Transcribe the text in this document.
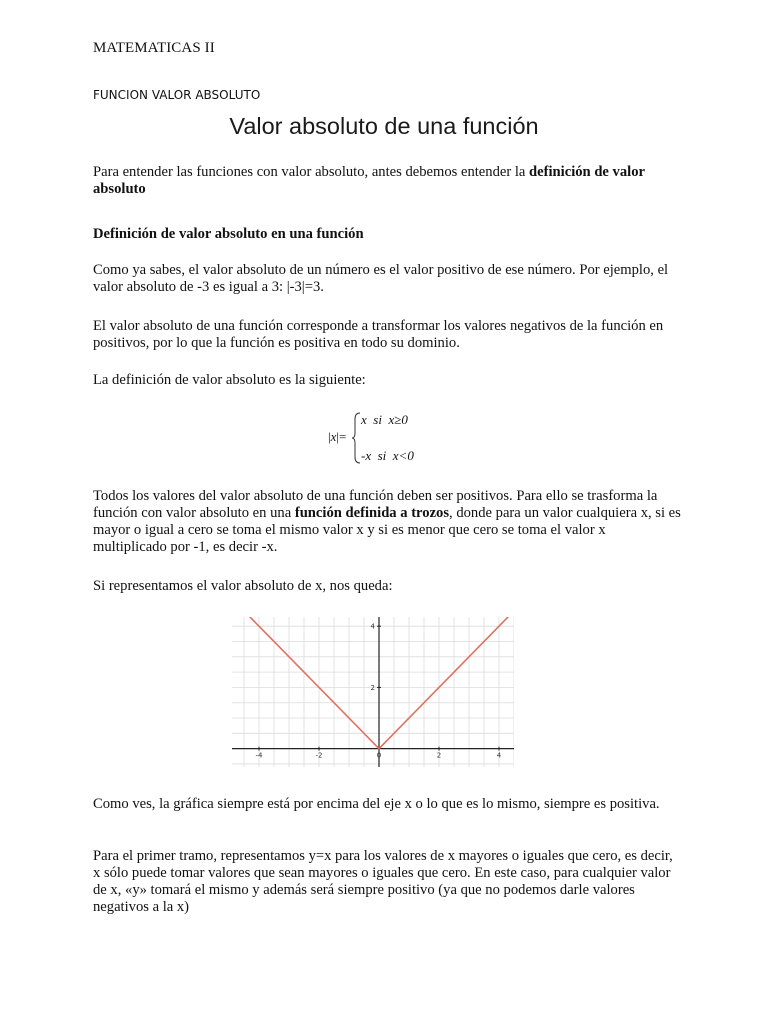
MATEMATICAS II
FUNCION VALOR ABSOLUTO
Valor absoluto de una función
Para entender las funciones con valor absoluto, antes debemos entender la definición de valor absoluto
Definición de valor absoluto en una función
Como ya sabes, el valor absoluto de un número es el valor positivo de ese número. Por ejemplo, el valor absoluto de -3 es igual a 3: |-3|=3.
El valor absoluto de una función corresponde a transformar los valores negativos de la función en positivos, por lo que la función es positiva en todo su dominio.
La definición de valor absoluto es la siguiente:
|x|=
x  si  x≥0
-x  si  x<0
Todos los valores del valor absoluto de una función deben ser positivos. Para ello se trasforma la función con valor absoluto en una función definida a trozos, donde para un valor cualquiera x, si es mayor o igual a cero se toma el mismo valor x y si es menor que cero se toma el valor x multiplicado por -1, es decir -x.
Si representamos el valor absoluto de x, nos queda:
-4	-2	0	2	4
2
4
Como ves, la gráfica siempre está por encima del eje x o lo que es lo mismo, siempre es positiva.
Para el primer tramo, representamos y=x para los valores de x mayores o iguales que cero, es decir, x sólo puede tomar valores que sean mayores o iguales que cero. En este caso, para cualquier valor de x, «y» tomará el mismo y además será siempre positivo (ya que no podemos darle valores negativos a la x)
